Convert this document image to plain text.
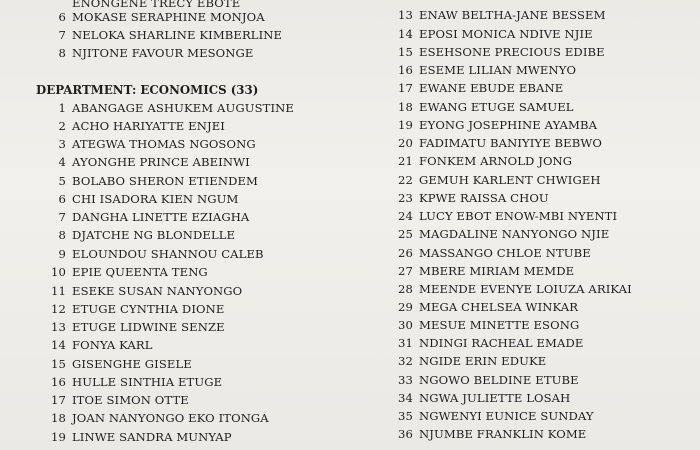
ENONGENE TRECY EBOTE
6 MOKASE SERAPHINE MONJOA
7 NELOKA SHARLINE KIMBERLINE
8 NJITONE FAVOUR MESONGE
DEPARTMENT: ECONOMICS (33)
1 ABANGAGE ASHUKEM AUGUSTINE
2 ACHO HARIYATTE ENJEI
3 ATEGWA THOMAS NGOSONG
4 AYONGHE PRINCE ABEINWI
5 BOLABO SHERON ETIENDEM
6 CHI ISADORA KIEN NGUM
7 DANGHA LINETTE EZIAGHA
8 DJATCHE NG BLONDELLE
9 ELOUNDOU SHANNOU CALEB
10 EPIE QUEENTA TENG
11 ESEKE SUSAN NANYONGO
12 ETUGE CYNTHIA DIONE
13 ETUGE LIDWINE SENZE
14 FONYA KARL
15 GISENGHE GISELE
16 HULLE SINTHIA ETUGE
17 ITOE SIMON OTTE
18 JOAN NANYONGO EKO ITONGA
19 LINWE SANDRA MUNYAP
13 ENAW BELTHA-JANE BESSEM
14 EPOSI MONICA NDIVE NJIE
15 ESEHSONE PRECIOUS EDIBE
16 ESEME LILIAN MWENYO
17 EWANE EBUDE EBANE
18 EWANG ETUGE SAMUEL
19 EYONG JOSEPHINE AYAMBA
20 FADIMATU BANIYIYE BEBWO
21 FONKEM ARNOLD JONG
22 GEMUH KARLENT CHWIGEH
23 KPWE RAISSA CHOU
24 LUCY EBOT ENOW-MBI NYENTI
25 MAGDALINE NANYONGO NJIE
26 MASSANGO CHLOE NTUBE
27 MBERE MIRIAM MEMDE
28 MEENDE EVENYE LOIUZA ARIKAI
29 MEGA CHELSEA WINKAR
30 MESUE MINETTE ESONG
31 NDINGI RACHEAL EMADE
32 NGIDE ERIN EDUKE
33 NGOWO BELDINE ETUBE
34 NGWA JULIETTE LOSAH
35 NGWENYI EUNICE SUNDAY
36 NJUMBE FRANKLIN KOME
